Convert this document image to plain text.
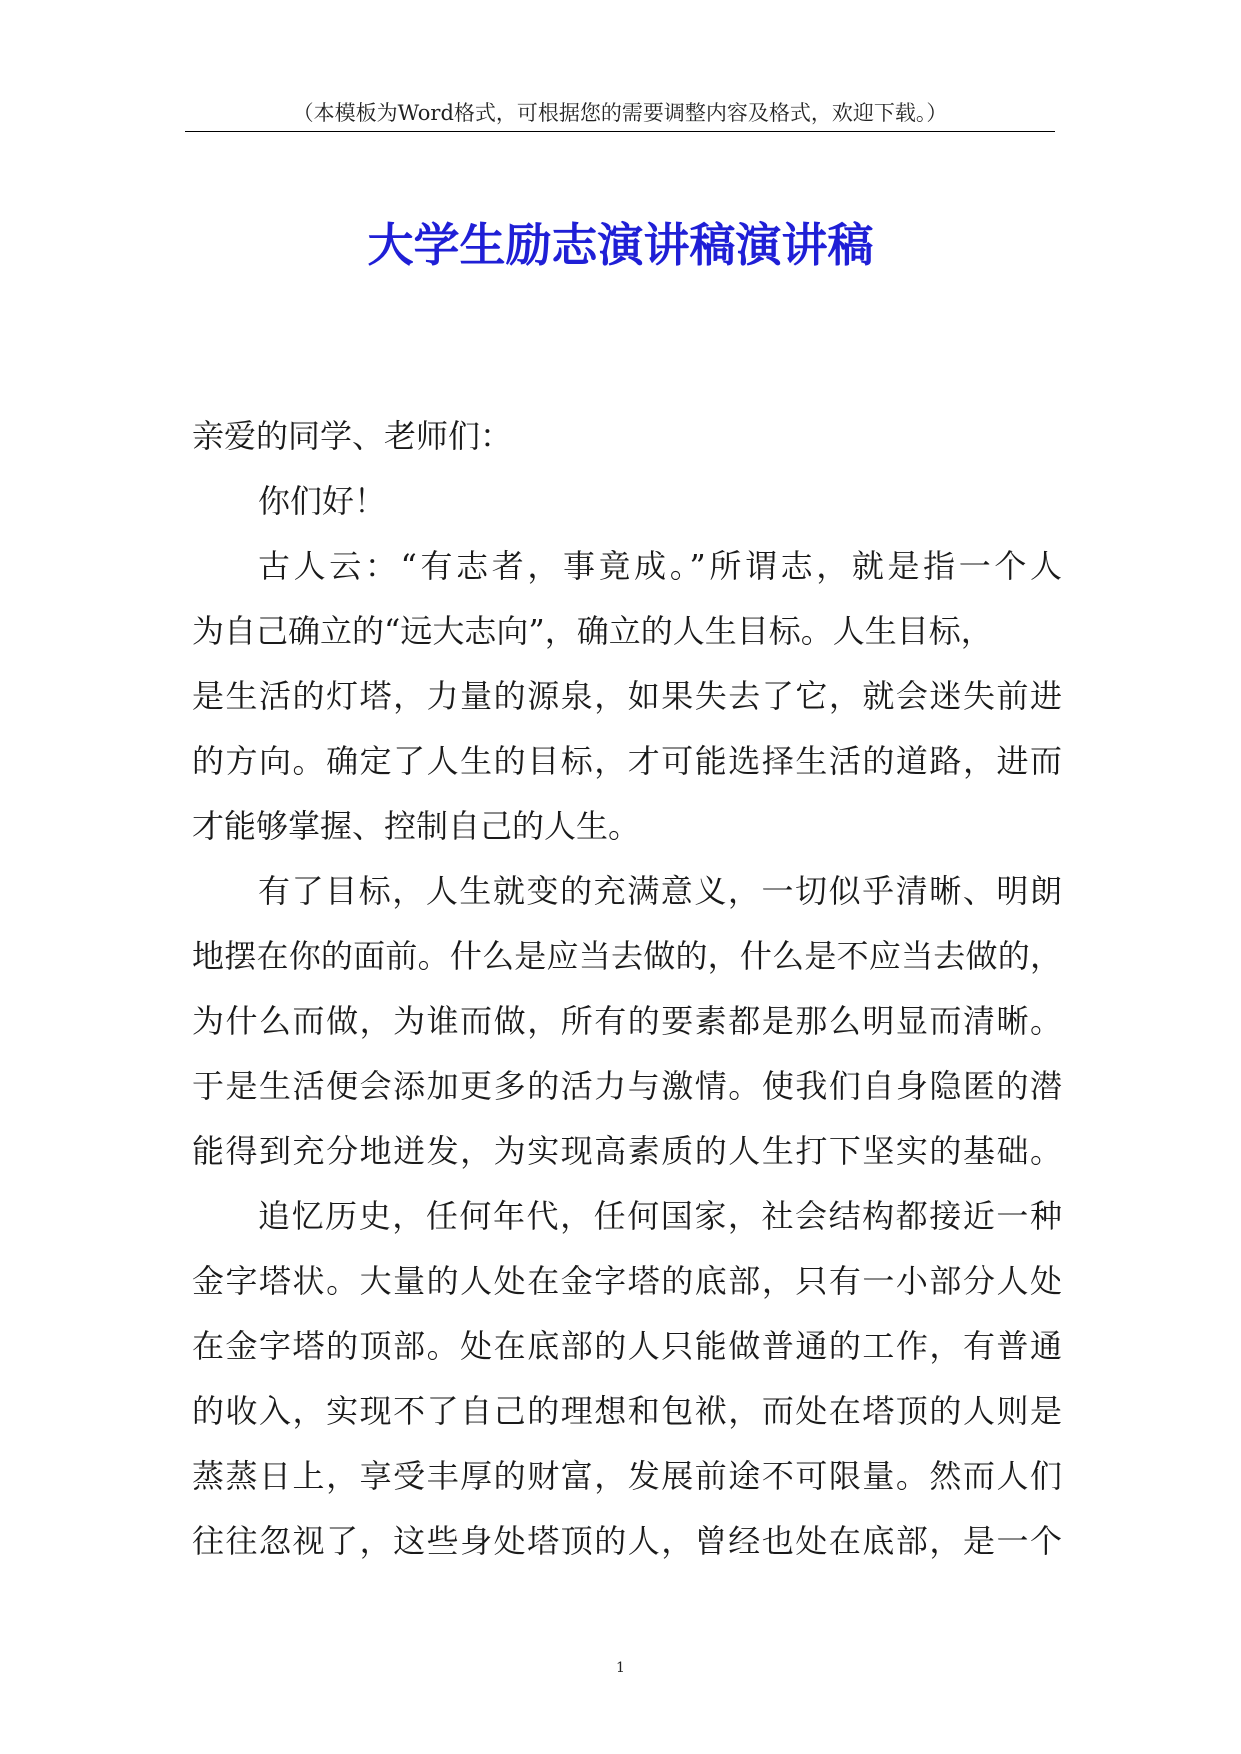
（本模板为Word格式，可根据您的需要调整内容及格式，欢迎下载。）
大学生励志演讲稿演讲稿
亲爱的同学、老师们：
你们好！
古人云：“有志者，事竟成。”所谓志，就是指一个人
为自己确立的“远大志向”，确立的人生目标。人生目标，
是生活的灯塔，力量的源泉，如果失去了它，就会迷失前进
的方向。确定了人生的目标，才可能选择生活的道路，进而
才能够掌握、控制自己的人生。
有了目标，人生就变的充满意义，一切似乎清晰、明朗
地摆在你的面前。什么是应当去做的，什么是不应当去做的，
为什么而做，为谁而做，所有的要素都是那么明显而清晰。
于是生活便会添加更多的活力与激情。使我们自身隐匿的潜
能得到充分地迸发，为实现高素质的人生打下坚实的基础。
追忆历史，任何年代，任何国家，社会结构都接近一种
金字塔状。大量的人处在金字塔的底部，只有一小部分人处
在金字塔的顶部。处在底部的人只能做普通的工作，有普通
的收入，实现不了自己的理想和包袱，而处在塔顶的人则是
蒸蒸日上，享受丰厚的财富，发展前途不可限量。然而人们
往往忽视了，这些身处塔顶的人，曾经也处在底部，是一个
1
